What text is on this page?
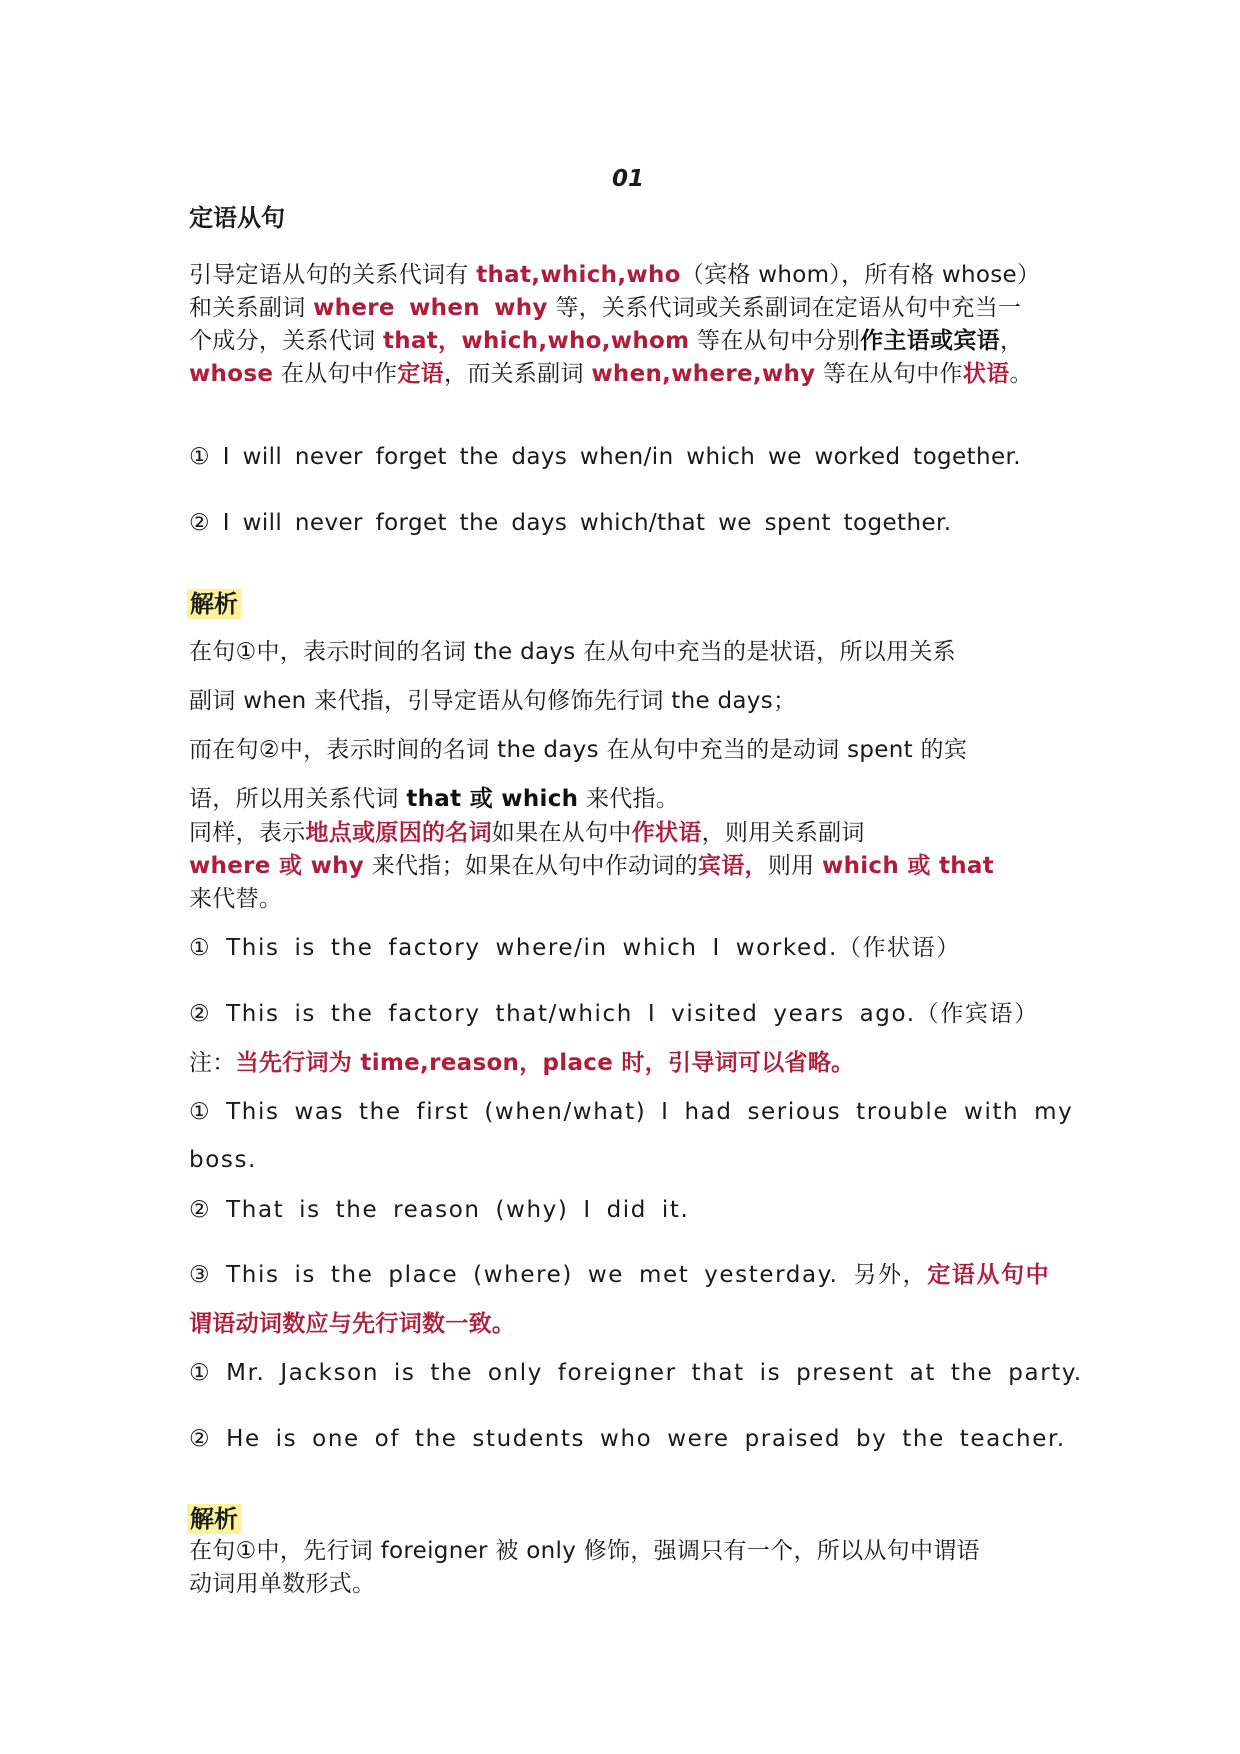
01
定语从句
引导定语从句的关系代词有 that,which,who（宾格 whom），所有格 whose）
和关系副词 where when why 等，关系代词或关系副词在定语从句中充当一
个成分，关系代词 that，which,who,whom 等在从句中分别作主语或宾语，
whose 在从句中作定语，而关系副词 when,where,why 等在从句中作状语。
① I will never forget the days when/in which we worked together.
② I will never forget the days which/that we spent together.
解析
在句①中，表示时间的名词 the days 在从句中充当的是状语，所以用关系
副词 when 来代指，引导定语从句修饰先行词 the days；
而在句②中，表示时间的名词 the days 在从句中充当的是动词 spent 的宾
语，所以用关系代词 that 或 which 来代指。
同样，表示地点或原因的名词如果在从句中作状语，则用关系副词
where 或 why 来代指；如果在从句中作动词的宾语，则用 which 或 that
来代替。
① This is the factory where/in which I worked.（作状语）
② This is the factory that/which I visited years ago.（作宾语）
注：当先行词为 time,reason，place 时，引导词可以省略。
① This was the first (when/what) I had serious trouble with my
boss.
② That is the reason (why) I did it.
③ This is the place (where) we met yesterday. 另外，定语从句中
谓语动词数应与先行词数一致。
① Mr. Jackson is the only foreigner that is present at the party.
② He is one of the students who were praised by the teacher.
解析
在句①中，先行词 foreigner 被 only 修饰，强调只有一个，所以从句中谓语
动词用单数形式。
